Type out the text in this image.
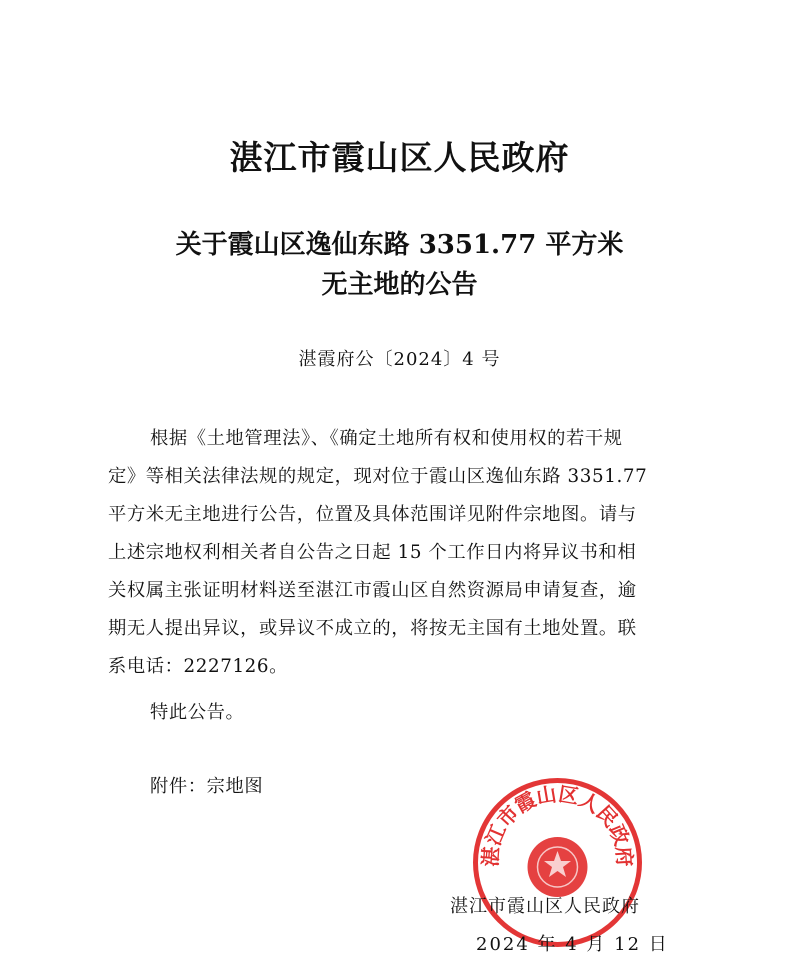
湛江市霞山区人民政府
关于霞山区逸仙东路 3351.77 平方米
无主地的公告
湛霞府公〔2024〕4 号
根据《土地管理法》、《确定土地所有权和使用权的若干规
定》等相关法律法规的规定，现对位于霞山区逸仙东路 3351.77
平方米无主地进行公告，位置及具体范围详见附件宗地图。请与
上述宗地权利相关者自公告之日起 15 个工作日内将异议书和相
关权属主张证明材料送至湛江市霞山区自然资源局申请复查，逾
期无人提出异议，或异议不成立的，将按无主国有土地处置。联
系电话：2227126。
特此公告。
附件：宗地图
湛江市霞山区人民政府
湛江市霞山区人民政府
2024 年 4 月 12 日
